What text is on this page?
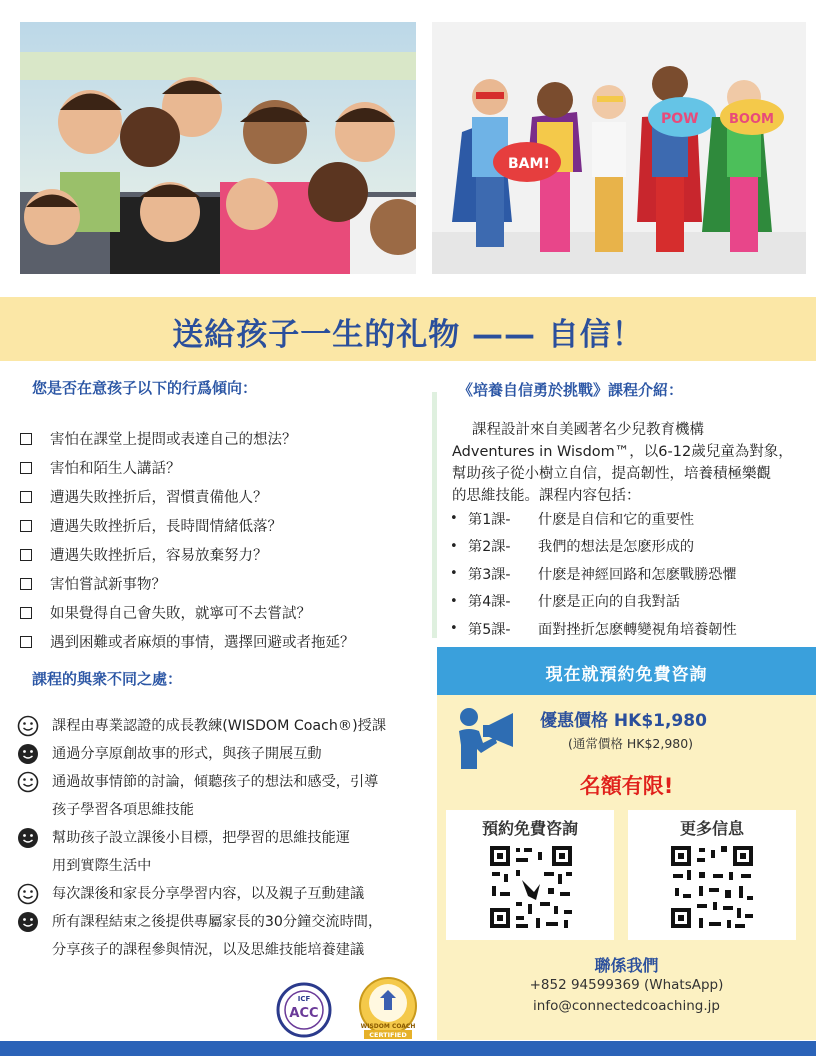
BAM!
POW BOOM
送給孩子一生的礼物 —— 自信！
您是否在意孩子以下的行爲傾向：
害怕在課堂上提問或表達自己的想法？
害怕和陌生人講話？
遭遇失敗挫折后，習慣責備他人？
遭遇失敗挫折后，長時間情緒低落？
遭遇失敗挫折后，容易放棄努力？
害怕嘗試新事物？
如果覺得自己會失敗，就寧可不去嘗試？
遇到困難或者麻煩的事情，選擇回避或者拖延？
課程的與衆不同之處：
課程由專業認證的成長教練(WISDOM Coach®)授課
通過分享原創故事的形式，與孩子開展互動
通過故事情節的討論，傾聽孩子的想法和感受，引導
孩子學習各項思維技能
幫助孩子設立課後小目標，把學習的思維技能運
用到實際生活中
每次課後和家長分享學習内容，以及親子互動建議
所有課程結束之後提供專屬家長的30分鐘交流時間，
分享孩子的課程參與情況，以及思維技能培養建議
ICF
ACC
WISDOM COACH
CERTIFIED
《培養自信勇於挑戰》課程介紹：
課程設計來自美國著名少兒教育機構
Adventures in Wisdom™，以6-12歲兒童為對象，
幫助孩子從小樹立自信，提高韌性，培養積極樂觀
的思維技能。課程内容包括：
• 第1課-	什麽是自信和它的重要性
• 第2課-	我們的想法是怎麽形成的
• 第3課-	什麽是神經回路和怎麽戰勝恐懼
• 第4課-	什麽是正向的自我對話
• 第5課-	面對挫折怎麽轉變視角培養韌性
現在就預約免費咨詢
優惠價格 HK$1,980
(通常價格 HK$2,980)
名額有限!
預約免費咨詢	更多信息
聯係我們
+852 94599369 (WhatsApp)
info@connectedcoaching.jp
